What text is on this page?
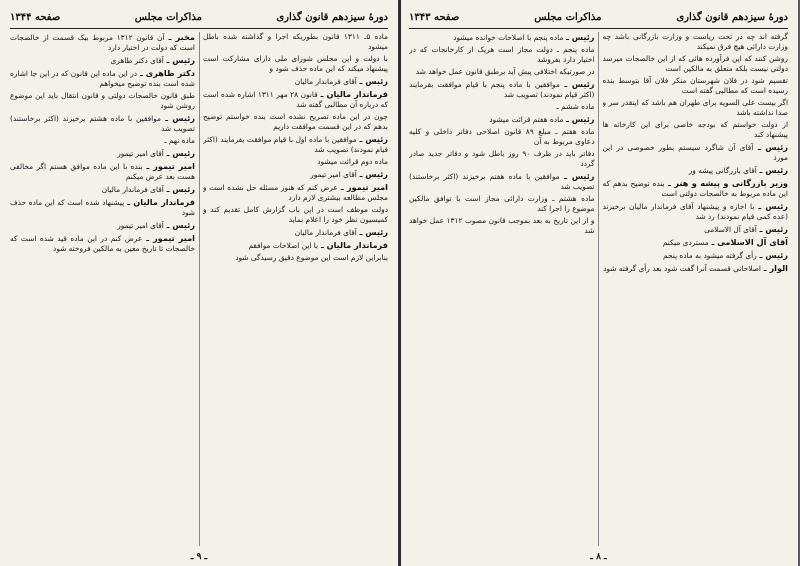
دورهٔ سیزدهم قانون گذاری
مذاکرات مجلس
صفحه ۱۳۴۴

ماده ۵ـ ۱۳۱۱ قانون بطوریکه اجرا و گذاشته شده باطل میشود

با دولت و این مجلس شورای ملی دارای مشارکت است پیشنهاد میکند که این ماده حذف شود و

رئیس ـ آقای فرماندار ماليان

فرماندار ماليان ـ قانون ۲۸ مهر ۱۳۱۱ اشاره شده است که درباره آن مطالبی گفته شد

چون در این ماده تصریح نشده است بنده خواستم توضیح بدهم که در این قسمت موافقت داریم

رئیس ـ موافقین با ماده اول با قیام موافقت بفرمایند (اکثر قیام نمودند) تصویب شد

ماده دوم قرائت میشود

رئیس ـ آقای امیر تیمور

امیر تیمور ـ عرض کنم که هنوز مسئله حل نشده است و مجلس مطالعه بیشتری لازم دارد

دولت موظف است در این باب گزارش کامل تقدیم کند و کمیسیون نظر خود را اعلام نماید

رئیس ـ آقای فرماندار ماليان

فرماندار ماليان ـ با این اصلاحات موافقم

بنابراین لازم است این موضوع دقیق رسیدگی شود

مخبر ـ آن قانون ۱۳۱۲ مربوط بیک قسمت از خالصجات است که دولت در اختیار دارد

رئیس ـ آقای دکتر طاهری

دکتر طاهری ـ در این ماده این قانون که در این جا اشاره شده است بنده توضیح میخواهم

طبق قانون خالصجات دولتی و قانون انتقال باید این موضوع روشن شود

رئیس ـ موافقین با ماده هشتم برخیزند (اکثر برخاستند) تصویب شد

ماده نهم ـ

رئیس ـ آقای امیر تیمور

امیر تیمور ـ بنده با این ماده موافق هستم اگر مخالفی هست بعد عرض میکنم

رئیس ـ آقای فرماندار ماليان

فرماندار ماليان ـ پیشنهاد شده است که این ماده حذف شود

رئیس ـ آقای امیر تیمور

امیر تیمور ـ عرض کنم در این ماده قید شده است که خالصجات تا تاریخ معین به مالکین فروخته شود

ـ ۹ ـ
دورهٔ سیزدهم قانون گذاری
مذاکرات مجلس
صفحه ۱۳۴۳

گرفته اند چه در تحت ریاست و وزارت بازرگانی باشد چه وزارت دارائی هیچ فرق نمیکند

روشن کنند که این فرآورده هائی که از این خالصجات میرسد دولتی نیست بلکه متعلق به مالکین است

تقسیم شود در فلان شهرستان منکر فلان آقا بتوسط بنده رسیده است که مطالبی گفته است

اگر بیست علی السویه برای طهران هم باشد که اینقدر سر و صدا نداشته باشد

از دولت خواستم که بودجه خاصی برای این کارخانه ها پیشنهاد کند

رئیس ـ آقای آن شاگرد سیستم بطور خصوصی در این مورد

رئیس ـ آقای بازرگانی پیشه ور

وزیر بازرگانی و پیشه و هنر ـ بنده توضیح بدهم که این ماده مربوط به خالصجات دولتی است

رئیس ـ با اجازه و پیشنهاد آقای فرماندار ماليان برخیزند (عده کمی قیام نمودند) رد شد

رئیس ـ آقای آل الاسلامی

آقای آل الاسلامی ـ مستردی میکنم

رئیس ـ رأی گرفته میشود به ماده پنجم

الوار ـ اصلاحاتی قسمت آنرا گفت شود بعد رأی گرفته شود

رئیس ـ ماده پنجم با اصلاحات خوانده میشود

ماده پنجم ـ دولت مجاز است هریک از کارخانجات که در اختیار دارد بفروشد

در صورتیکه اختلافی پیش آید برطبق قانون عمل خواهد شد

رئیس ـ موافقین با ماده پنجم با قیام موافقت بفرمایند (اکثر قیام نمودند) تصویب شد

ماده ششم ـ

رئیس ـ ماده هفتم قرائت میشود

ماده هفتم ـ مبلغ ۸۹ قانون اصلاحی دفاتر داخلی و کلیه دعاوی مربوط به آن

دفاتر باید در ظرف ۹۰ روز باطل شود و دفاتر جدید صادر گردد

رئیس ـ موافقین با ماده هفتم برخیزند (اکثر برخاستند) تصویب شد

ماده هشتم ـ وزارت دارائی مجاز است با توافق مالکین موضوع را اجرا کند

و از این تاریخ به بعد بموجب قانون مصوب ۱۳۱۲ عمل خواهد شد

ـ ۸ ـ
